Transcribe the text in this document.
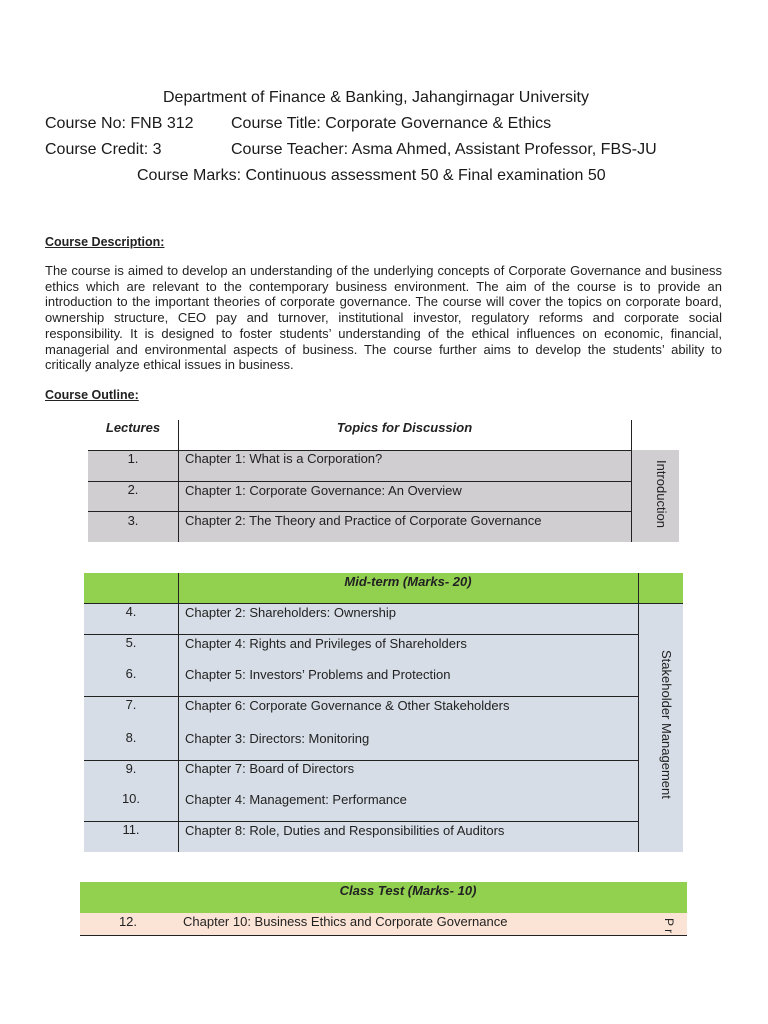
Department of Finance & Banking, Jahangirnagar University
Course No: FNB 312 Course Title: Corporate Governance & Ethics
Course Credit: 3	Course Teacher: Asma Ahmed, Assistant Professor, FBS-JU
Course Marks: Continuous assessment 50 & Final examination 50
Course Description:
The course is aimed to develop an understanding of the underlying concepts of Corporate Governance and business ethics which are relevant to the contemporary business environment. The aim of the course is to provide an introduction to the important theories of corporate governance. The course will cover the topics on corporate board, ownership structure, CEO pay and turnover, institutional investor, regulatory reforms and corporate social responsibility. It is designed to foster students’ understanding of the ethical influences on economic, financial, managerial and environmental aspects of business. The course further aims to develop the students’ ability to critically analyze ethical issues in business.
Course Outline:
Lectures	Topics for Discussion
1.	Chapter 1: What is a Corporation?
2.	Chapter 1: Corporate Governance: An Overview
3.	Chapter 2: The Theory and Practice of Corporate Governance	Introduction
Mid-term (Marks- 20)
4.	Chapter 2: Shareholders: Ownership
5.	Chapter 4: Rights and Privileges of Shareholders
6.	Chapter 5: Investors’ Problems and Protection
7.	Chapter 6: Corporate Governance & Other Stakeholders
8.	Chapter 3: Directors: Monitoring
9.	Chapter 7: Board of Directors
10.	Chapter 4: Management: Performance
11.	Chapter 8: Role, Duties and Responsibilities of Auditors
Stakeholder Management
Class Test (Marks- 10)
12.	Chapter 10: Business Ethics and Corporate Governance	P r
